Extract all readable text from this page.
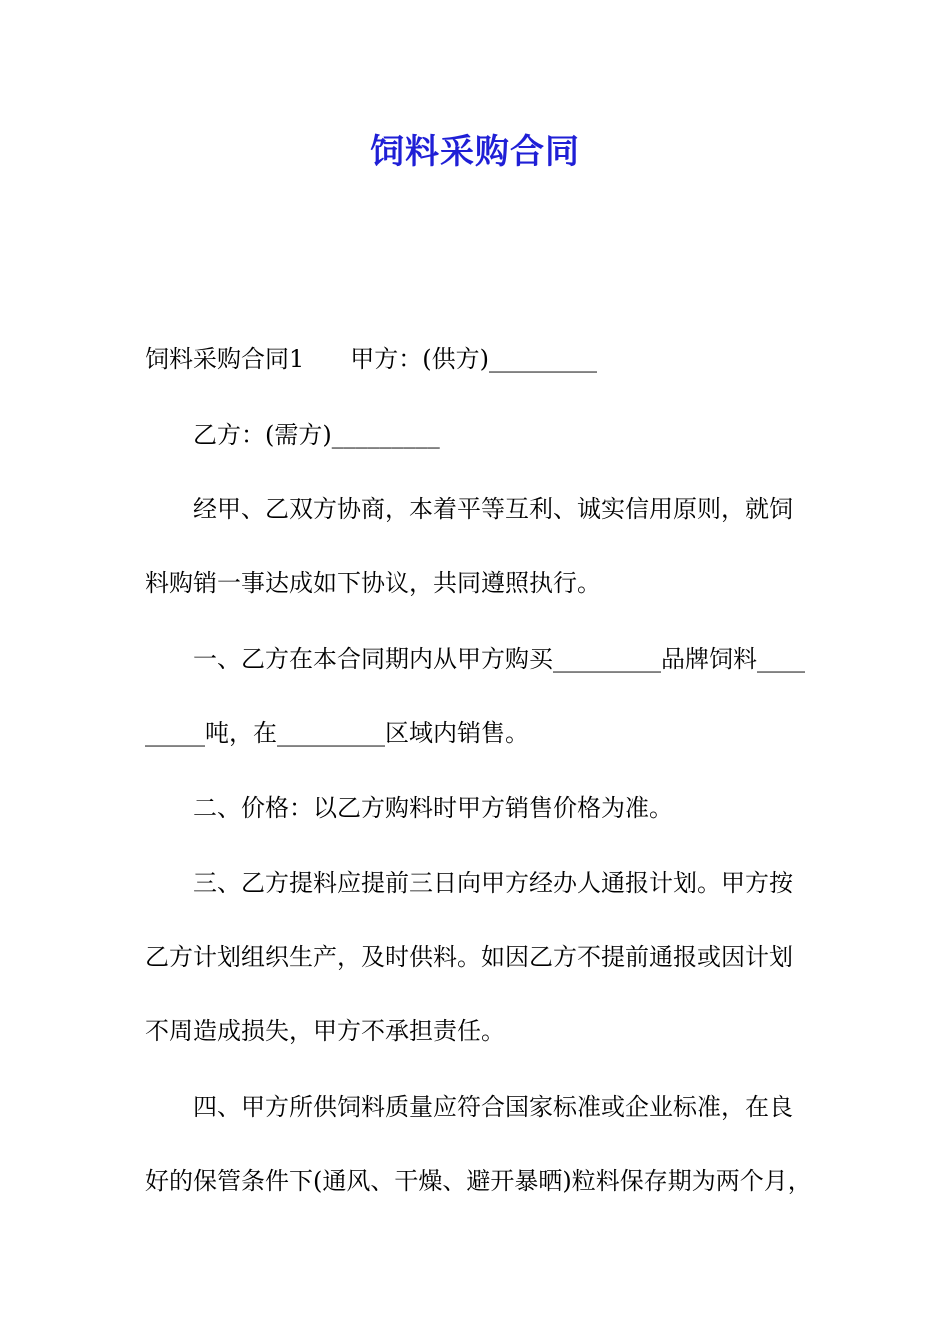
饲料采购合同
饲料采购合同1 甲方：(供方)_________
乙方：(需方)_________
经甲、乙双方协商，本着平等互利、诚实信用原则，就饲
料购销一事达成如下协议，共同遵照执行。
一、乙方在本合同期内从甲方购买_________品牌饲料____
_____吨，在_________区域内销售。
二、价格：以乙方购料时甲方销售价格为准。
三、乙方提料应提前三日向甲方经办人通报计划。甲方按
乙方计划组织生产，及时供料。如因乙方不提前通报或因计划
不周造成损失，甲方不承担责任。
四、甲方所供饲料质量应符合国家标准或企业标准，在良
好的保管条件下(通风、干燥、避开暴晒)粒料保存期为两个月，
